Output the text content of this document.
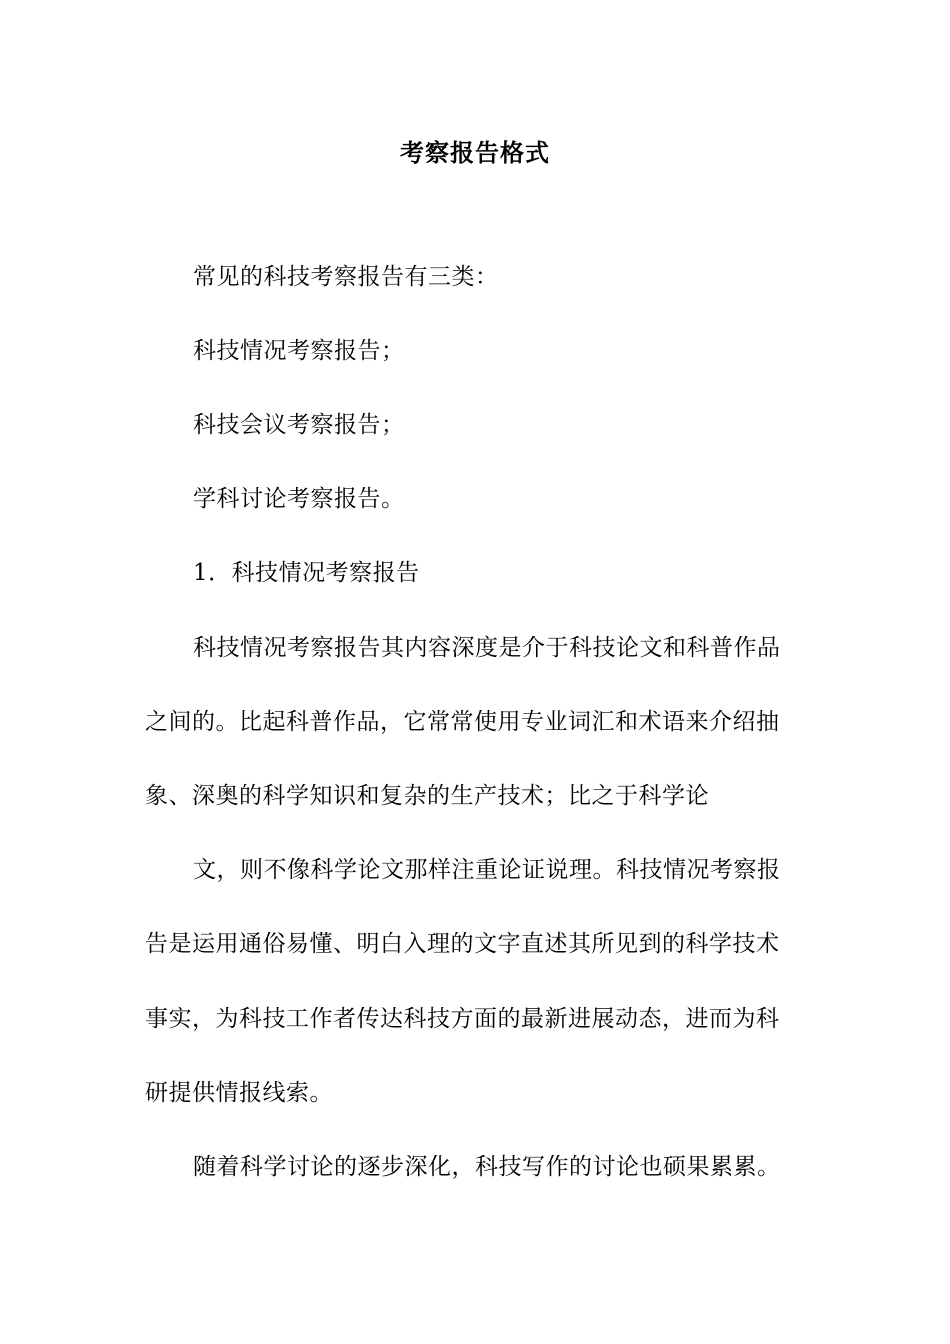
考察报告格式
常见的科技考察报告有三类：
科技情况考察报告；
科技会议考察报告；
学科讨论考察报告。
1．科技情况考察报告
科技情况考察报告其内容深度是介于科技论文和科普作品
之间的。比起科普作品，它常常使用专业词汇和术语来介绍抽
象、深奥的科学知识和复杂的生产技术；比之于科学论
文，则不像科学论文那样注重论证说理。科技情况考察报
告是运用通俗易懂、明白入理的文字直述其所见到的科学技术
事实，为科技工作者传达科技方面的最新进展动态，进而为科
研提供情报线索。
随着科学讨论的逐步深化，科技写作的讨论也硕果累累。
